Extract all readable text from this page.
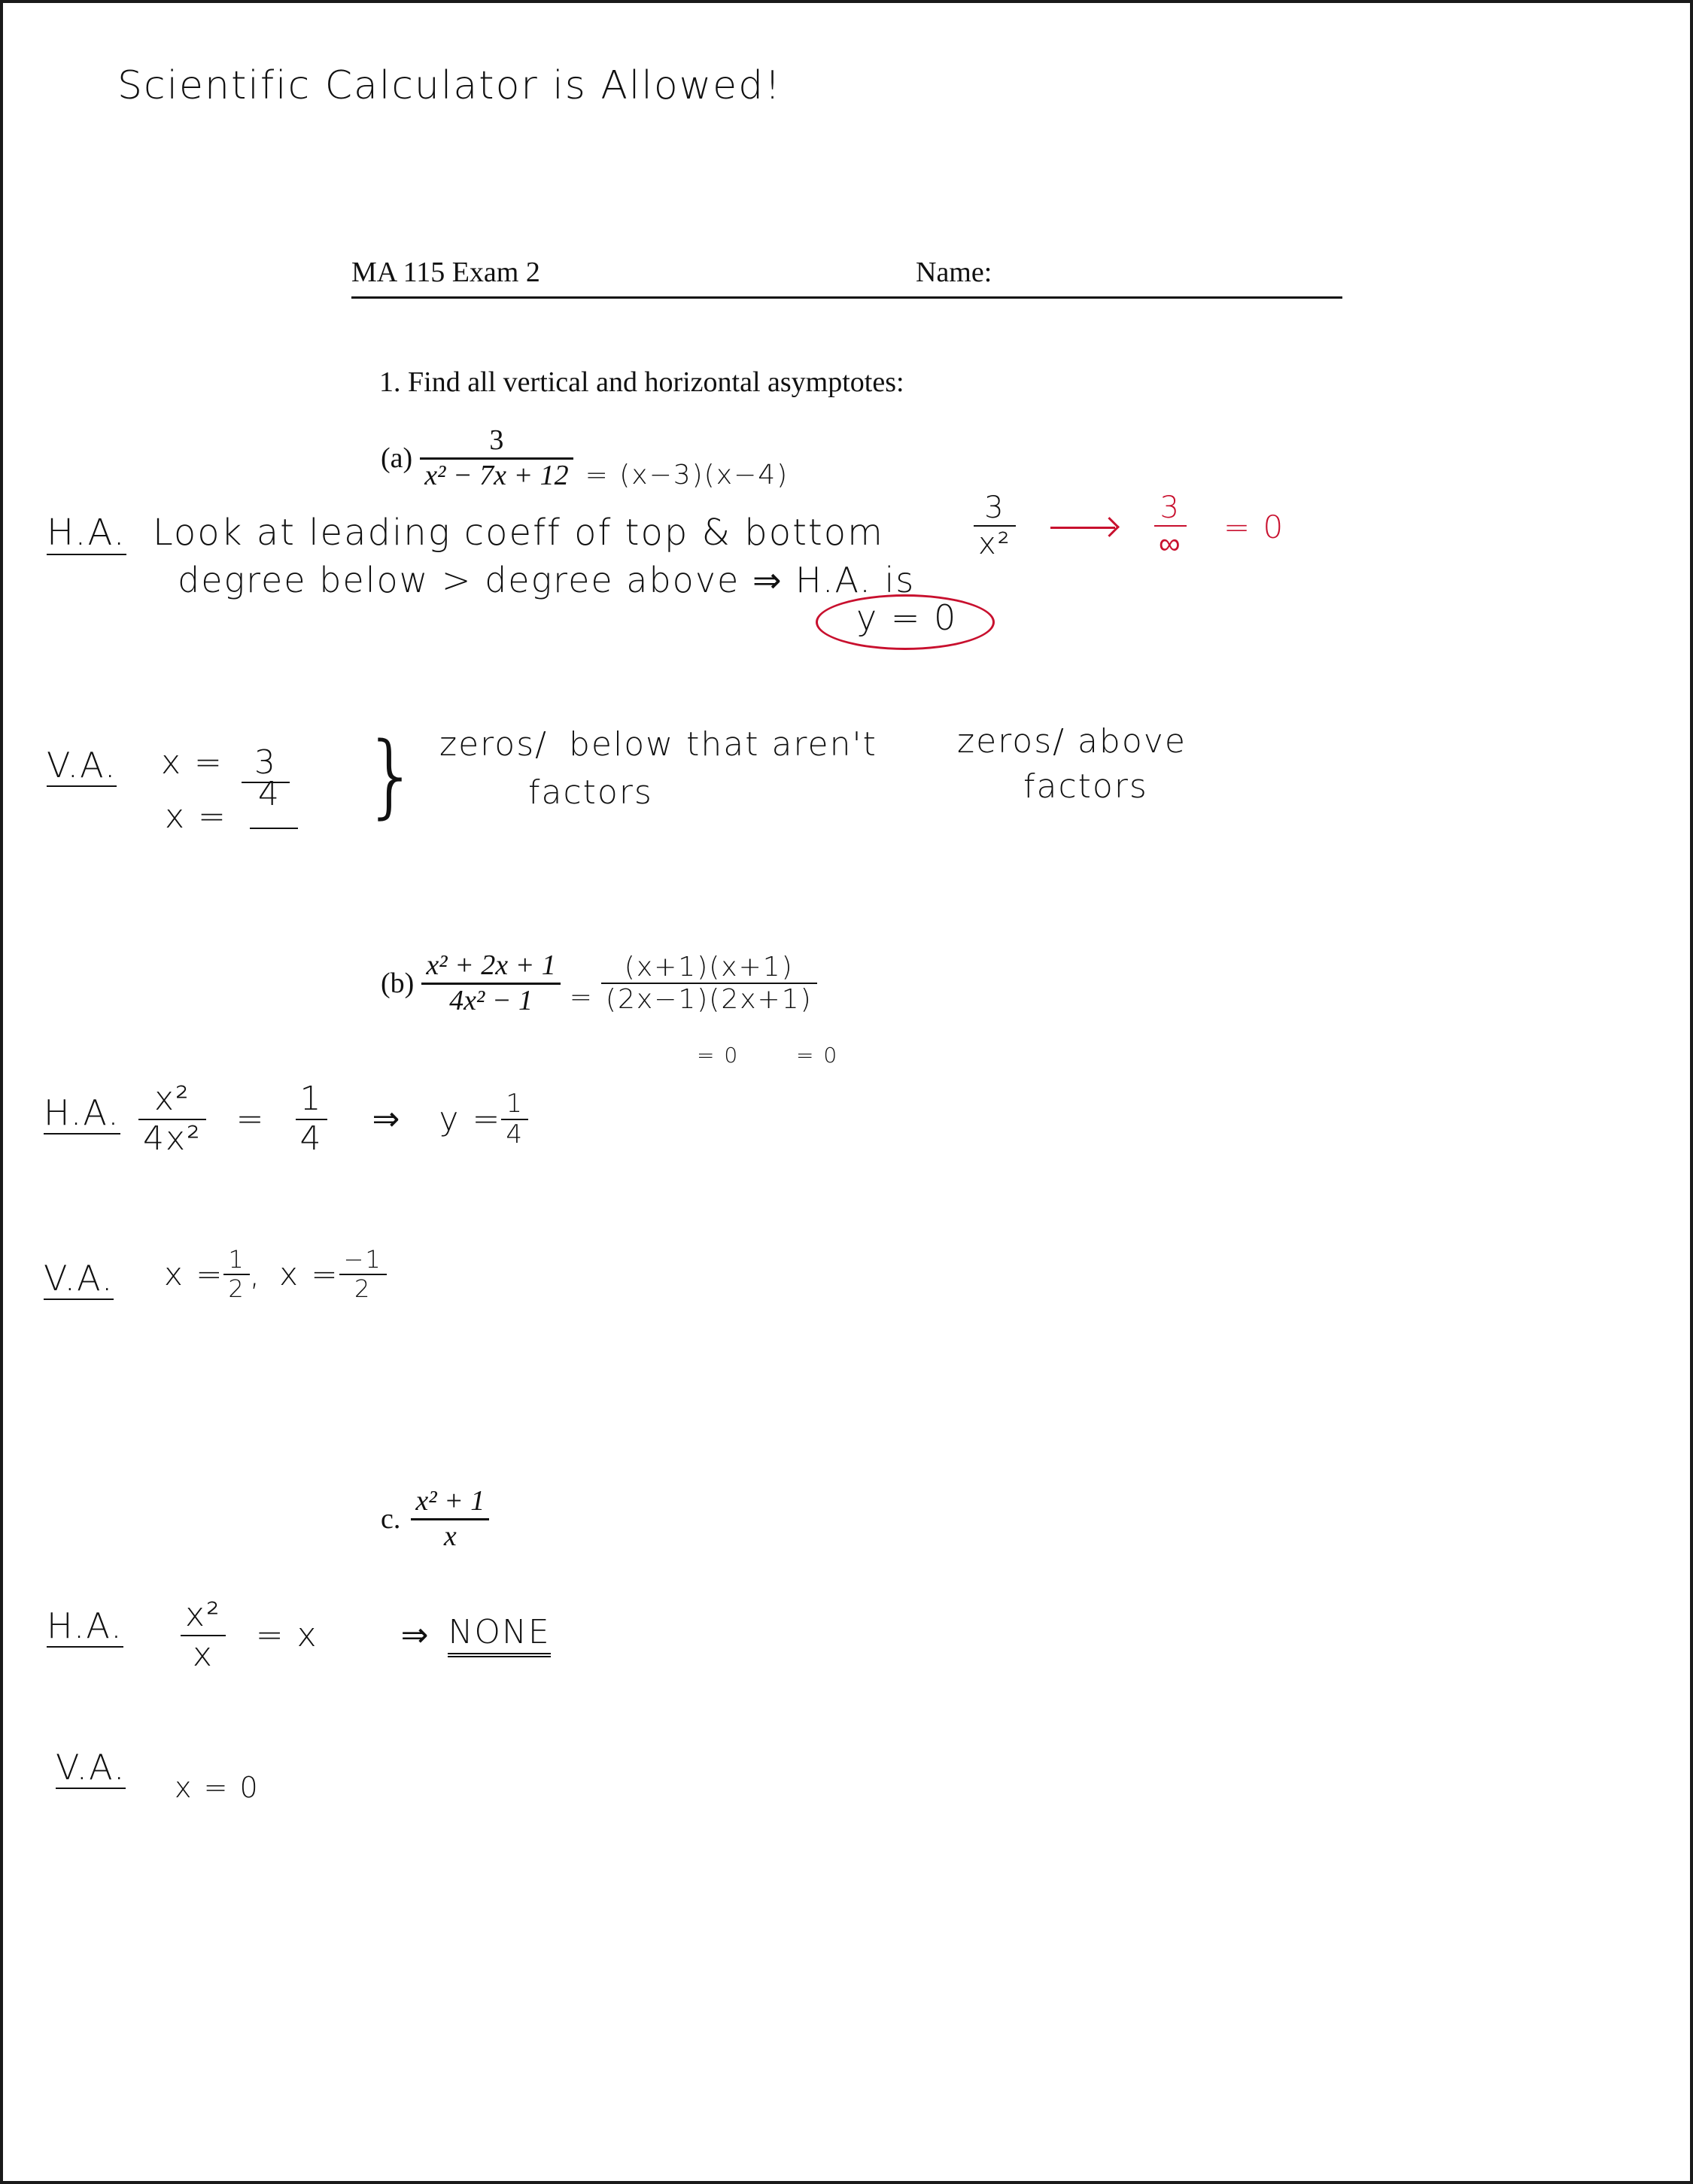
Scientific Calculator is Allowed!
MA 115 Exam 2	Name:
1. Find all vertical and horizontal asymptotes:
$(a) \frac{3}{\text{x² − 7x + 12}} = (x-3)(x-4)$
H.A. Look at leading coeff of top & bottom
degree below > degree above ⇒ H.A. is
y = 0
$\frac{3}{\text{x²}}$	$\frac{3}{\infty} = 0$
V.A. x = 3
x = 4 } zeros/
factors
below that aren't zeros/ above
factors
$(b) \frac{\text{x² + 2x + 1}}{\text{4x² − 1}} = \frac{(x+1)(x+1)}{(2x-1)(2x+1)}$
= 0	= 0
H.A. $\frac{\text{x²}}{\text{4x²}} = \frac{1}{4}$ ⇒ $y = \frac{1}{4}$
V.A. $x = \frac{1}{2}$ , $x = \frac{-1}{2}$
c. $\frac{\text{x² + 1}}{x}$
H.A. $\frac{\text{x²}}{x} = x$	⇒ NONE
V.A. x = 0
